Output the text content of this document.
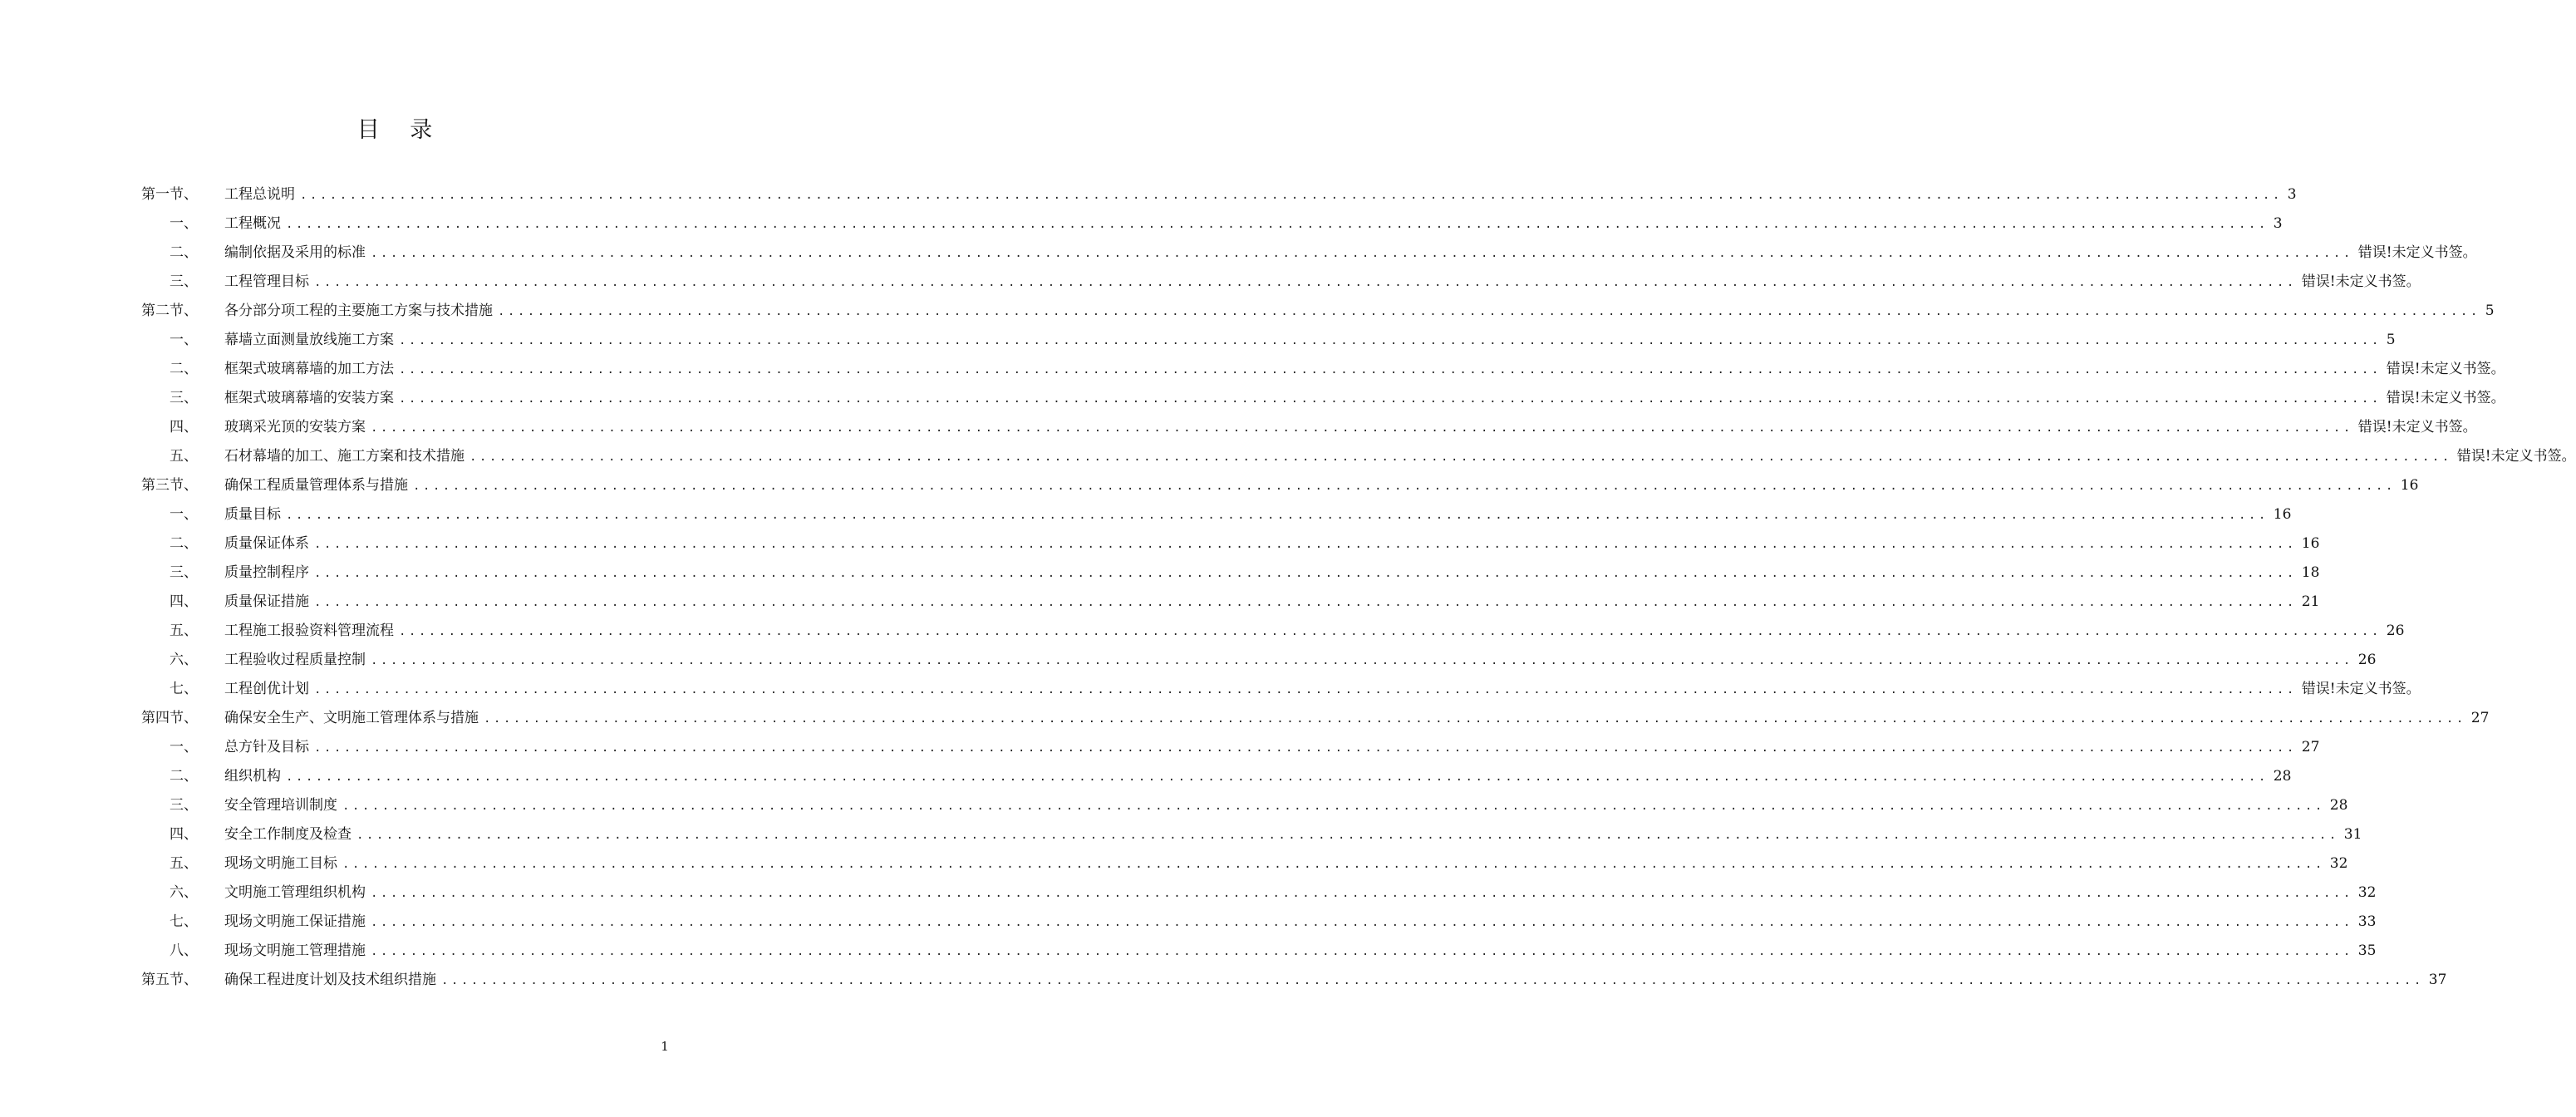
目 录
第一节、 工程总说明 ........................................................................................................................................................................................................ 3
一、 工程概况 ........................................................................................................................................................................................................ 3
二、 编制依据及采用的标准 ........................................................................................................................................................................................................ 错误!未定义书签。
三、 工程管理目标 ........................................................................................................................................................................................................ 错误!未定义书签。
第二节、 各分部分项工程的主要施工方案与技术措施 ........................................................................................................................................................................................................ 5
一、 幕墙立面测量放线施工方案 ........................................................................................................................................................................................................ 5
二、 框架式玻璃幕墙的加工方法 ........................................................................................................................................................................................................ 错误!未定义书签。
三、 框架式玻璃幕墙的安装方案 ........................................................................................................................................................................................................ 错误!未定义书签。
四、 玻璃采光顶的安装方案 ........................................................................................................................................................................................................ 错误!未定义书签。
五、 石材幕墙的加工、施工方案和技术措施 ........................................................................................................................................................................................................ 错误!未定义书签。
第三节、 确保工程质量管理体系与措施 ........................................................................................................................................................................................................ 16
一、 质量目标 ........................................................................................................................................................................................................ 16
二、 质量保证体系 ........................................................................................................................................................................................................ 16
三、 质量控制程序 ........................................................................................................................................................................................................ 18
四、 质量保证措施 ........................................................................................................................................................................................................ 21
五、 工程施工报验资料管理流程 ........................................................................................................................................................................................................ 26
六、 工程验收过程质量控制 ........................................................................................................................................................................................................ 26
七、 工程创优计划 ........................................................................................................................................................................................................ 错误!未定义书签。
第四节、 确保安全生产、文明施工管理体系与措施 ........................................................................................................................................................................................................ 27
一、 总方针及目标 ........................................................................................................................................................................................................ 27
二、 组织机构 ........................................................................................................................................................................................................ 28
三、 安全管理培训制度 ........................................................................................................................................................................................................ 28
四、 安全工作制度及检查 ........................................................................................................................................................................................................ 31
五、 现场文明施工目标 ........................................................................................................................................................................................................ 32
六、 文明施工管理组织机构 ........................................................................................................................................................................................................ 32
七、 现场文明施工保证措施 ........................................................................................................................................................................................................ 33
八、 现场文明施工管理措施 ........................................................................................................................................................................................................ 35
第五节、 确保工程进度计划及技术组织措施 ........................................................................................................................................................................................................ 37
1
